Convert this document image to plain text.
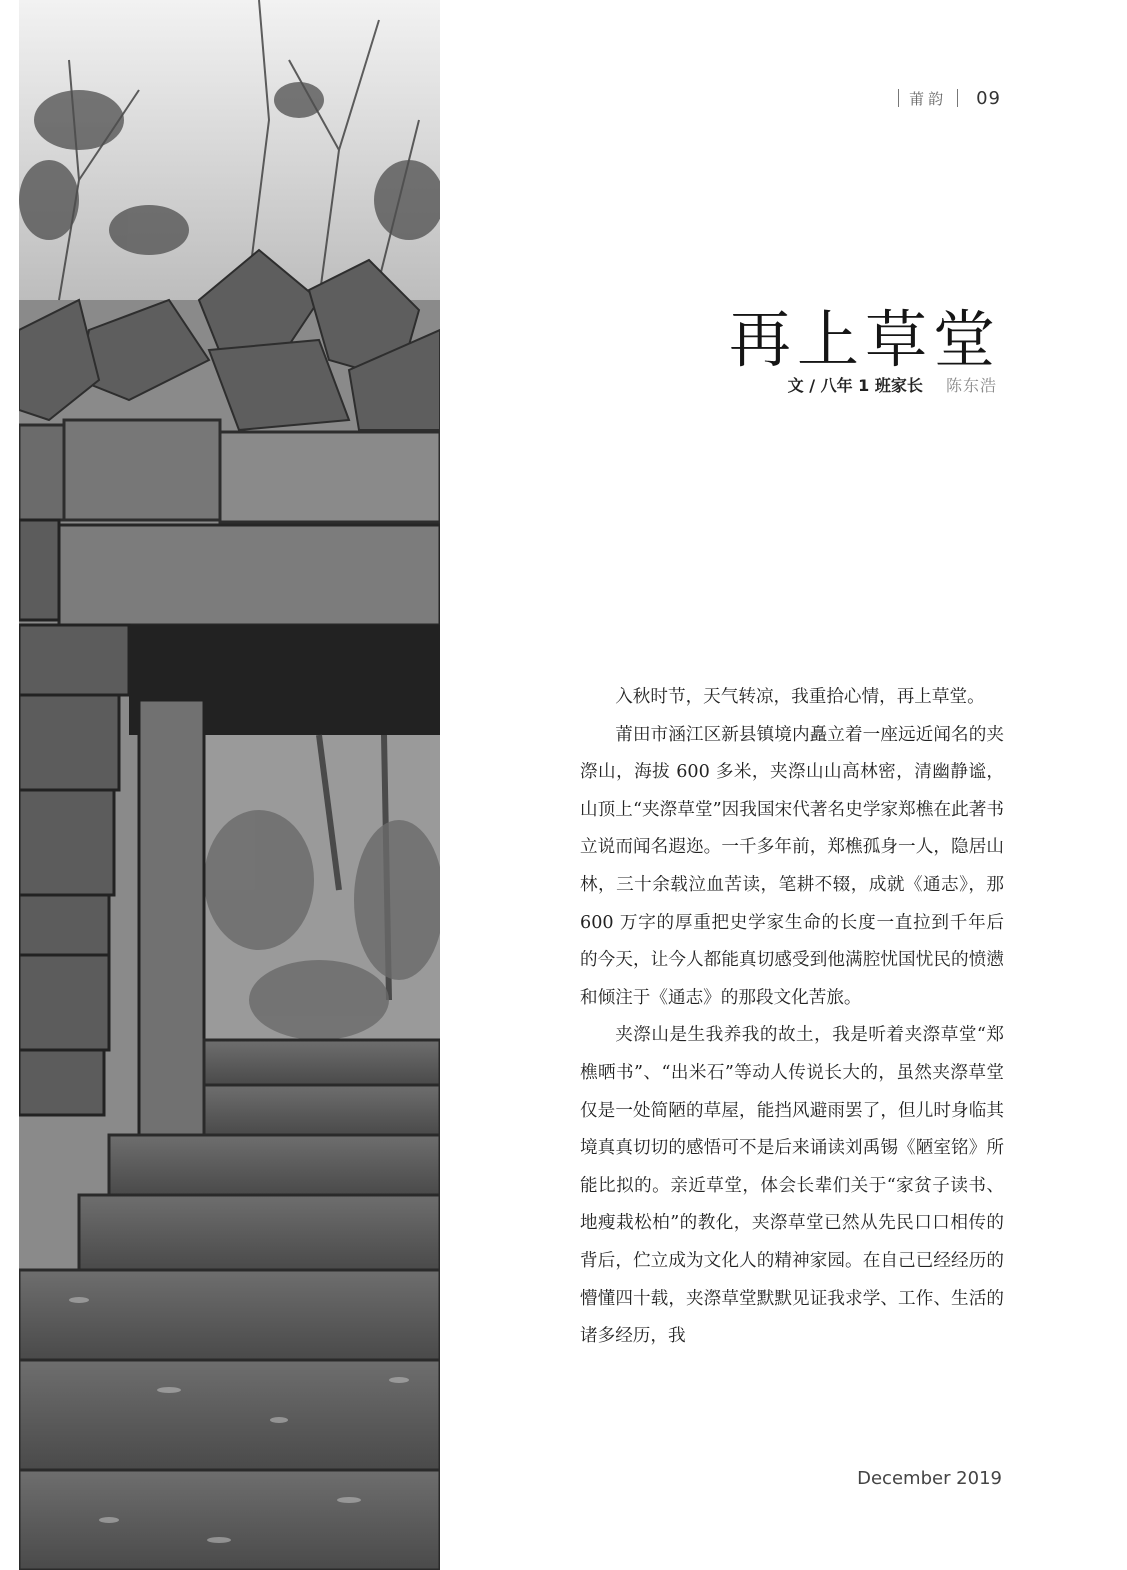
莆韵 09
再上草堂
文 / 八年 1 班家长 陈东浩

入秋时节，天气转凉，我重拾心情，再上草堂。

莆田市涵江区新县镇境内矗立着一座远近闻名的夹漈山，海拔 600 多米，夹漈山山高林密，清幽静谧，山顶上“夹漈草堂”因我国宋代著名史学家郑樵在此著书立说而闻名遐迩。一千多年前，郑樵孤身一人，隐居山林，三十余载泣血苦读，笔耕不辍，成就《通志》，那 600 万字的厚重把史学家生命的长度一直拉到千年后的今天，让今人都能真切感受到他满腔忧国忧民的愤懑和倾注于《通志》的那段文化苦旅。

夹漈山是生我养我的故土，我是听着夹漈草堂“郑樵晒书”、“出米石”等动人传说长大的，虽然夹漈草堂仅是一处简陋的草屋，能挡风避雨罢了，但儿时身临其境真真切切的感悟可不是后来诵读刘禹锡《陋室铭》所能比拟的。亲近草堂，体会长辈们关于“家贫子读书、地瘦栽松柏”的教化，夹漈草堂已然从先民口口相传的背后，伫立成为文化人的精神家园。在自己已经经历的懵懂四十载，夹漈草堂默默见证我求学、工作、生活的诸多经历，我

December 2019
